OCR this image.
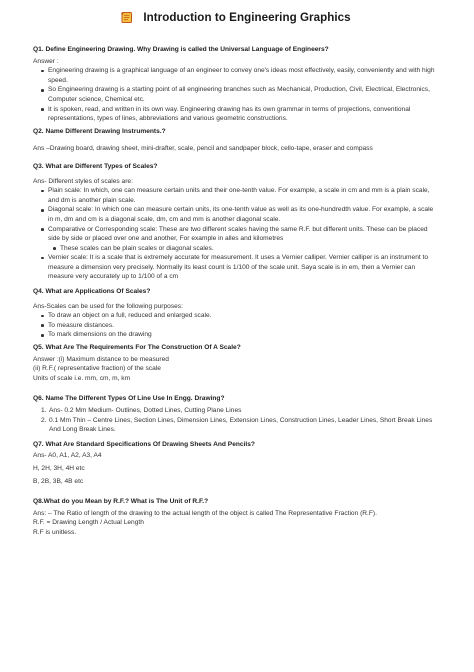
Introduction to Engineering Graphics

Q1. Define Engineering Drawing. Why Drawing is called the Universal Language of Engineers?

Answer :

Engineering drawing is a graphical language of an engineer to convey one's ideas most effectively, easily, conveniently and with high speed.
So Engineering drawing is a starting point of all engineering branches such as Mechanical, Production, Civil, Electrical, Electronics, Computer science, Chemical etc.
It is spoken, read, and written in its own way. Engineering drawing has its own grammar in terms of projections, conventional representations, types of lines, abbreviations and various geometric constructions.

Q2. Name Different Drawing Instruments.?

Ans –Drawing board, drawing sheet, mini-drafter, scale, pencil and sandpaper block, cello-tape, eraser and compass

Q3. What are Different Types of Scales?

Ans- Different styles of scales are:

Plain scale: In which, one can measure certain units and their one-tenth value. For example, a scale in cm and mm is a plain scale, and dm is another plain scale.
Diagonal scale: In which one can measure certain units, its one-tenth value as well as its one-hundredth value. For example, a scale in m, dm and cm is a diagonal scale, dm, cm and mm is another diagonal scale.
Comparative or Corresponding scale: These are two different scales having the same R.F. but different units. These can be placed side by side or placed over one and another, For example in alles and kilometres
These scales can be plain scales or diagonal scales.
Vernier scale: It is a scale that is extremely accurate for measurement. It uses a Vernier calliper. Vernier calliper is an instrument to measure a dimension very precisely. Normally its least count is 1/100 of the scale unit. Saya scale is in em, then a Vernier can measure very accurately up to 1/100 of a cm

Q4. What are Applications Of Scales?

Ans-Scales can be used for the following purposes:

To draw an object on a full, reduced and enlarged scale.
To measure distances.
To mark dimensions on the drawing

Q5. What Are The Requirements For The Construction Of A Scale?

Answer :(i) Maximum distance to be measured

(ii) R.F.( representative fraction) of the scale

Units of scale i.e. mm, cm, m, km

Q6. Name The Different Types Of Line Use In Engg. Drawing?

1. Ans- 0.2 Mm Medium- Outlines, Dotted Lines, Cutting Plane Lines
2. 0.1 Mm Thin – Centre Lines, Section Lines, Dimension Lines, Extension Lines, Construction Lines, Leader Lines, Short Break Lines And Long Break Lines.

Q7. What Are Standard Specifications Of Drawing Sheets And Pencils?

Ans- A0, A1, A2, A3, A4

H, 2H, 3H, 4H etc

B, 2B, 3B, 4B etc

Q8.What do you Mean by R.F.? What is The Unit of R.F.?

Ans: – The Ratio of length of the drawing to the actual length of the object is called The Representative Fraction (R.F).

R.F. = Drawing Length / Actual Length

R.F is unitless.
